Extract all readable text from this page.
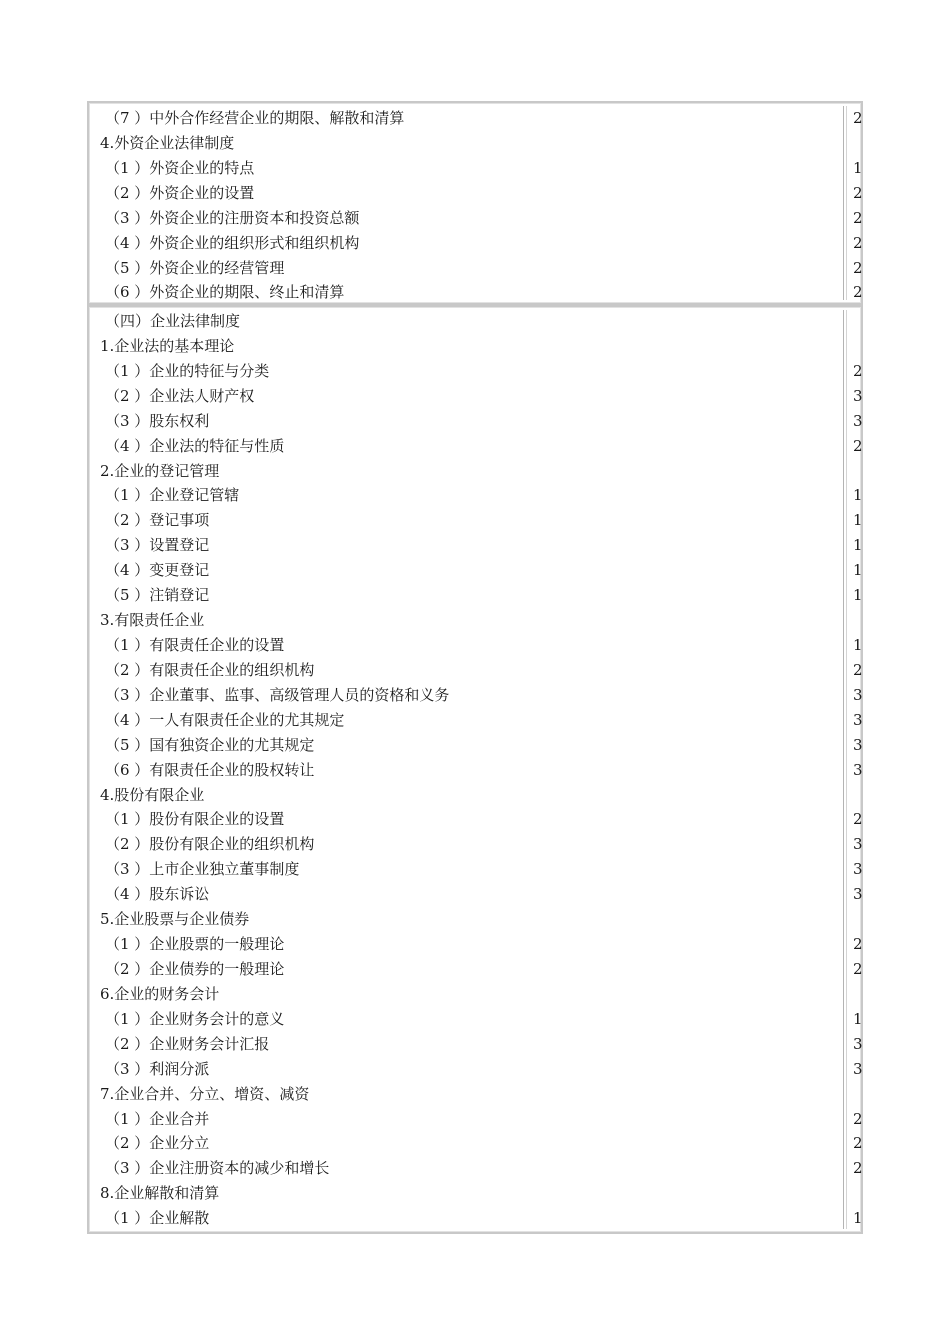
（7 ）中外合作经营企业的期限、解散和清算	2
4.外资企业法律制度
（1 ）外资企业的特点	1
（2 ）外资企业的设置	2
（3 ）外资企业的注册资本和投资总额	2
（4 ）外资企业的组织形式和组织机构	2
（5 ）外资企业的经营管理	2
（6 ）外资企业的期限、终止和清算	2
（四）企业法律制度
1.企业法的基本理论
（1 ）企业的特征与分类	2
（2 ）企业法人财产权	3
（3 ）股东权利	3
（4 ）企业法的特征与性质	2
2.企业的登记管理
（1 ）企业登记管辖	1
（2 ）登记事项	1
（3 ）设置登记	1
（4 ）变更登记	1
（5 ）注销登记	1
3.有限责任企业
（1 ）有限责任企业的设置	1
（2 ）有限责任企业的组织机构	2
（3 ）企业董事、监事、高级管理人员的资格和义务	3
（4 ）一人有限责任企业的尤其规定	3
（5 ）国有独资企业的尤其规定	3
（6 ）有限责任企业的股权转让	3
4.股份有限企业
（1 ）股份有限企业的设置	2
（2 ）股份有限企业的组织机构	3
（3 ）上市企业独立董事制度	3
（4 ）股东诉讼	3
5.企业股票与企业债券
（1 ）企业股票的一般理论	2
（2 ）企业债券的一般理论	2
6.企业的财务会计
（1 ）企业财务会计的意义	1
（2 ）企业财务会计汇报	3
（3 ）利润分派	3
7.企业合并、分立、增资、减资
（1 ）企业合并	2
（2 ）企业分立	2
（3 ）企业注册资本的减少和增长	2
8.企业解散和清算
（1 ）企业解散	1
